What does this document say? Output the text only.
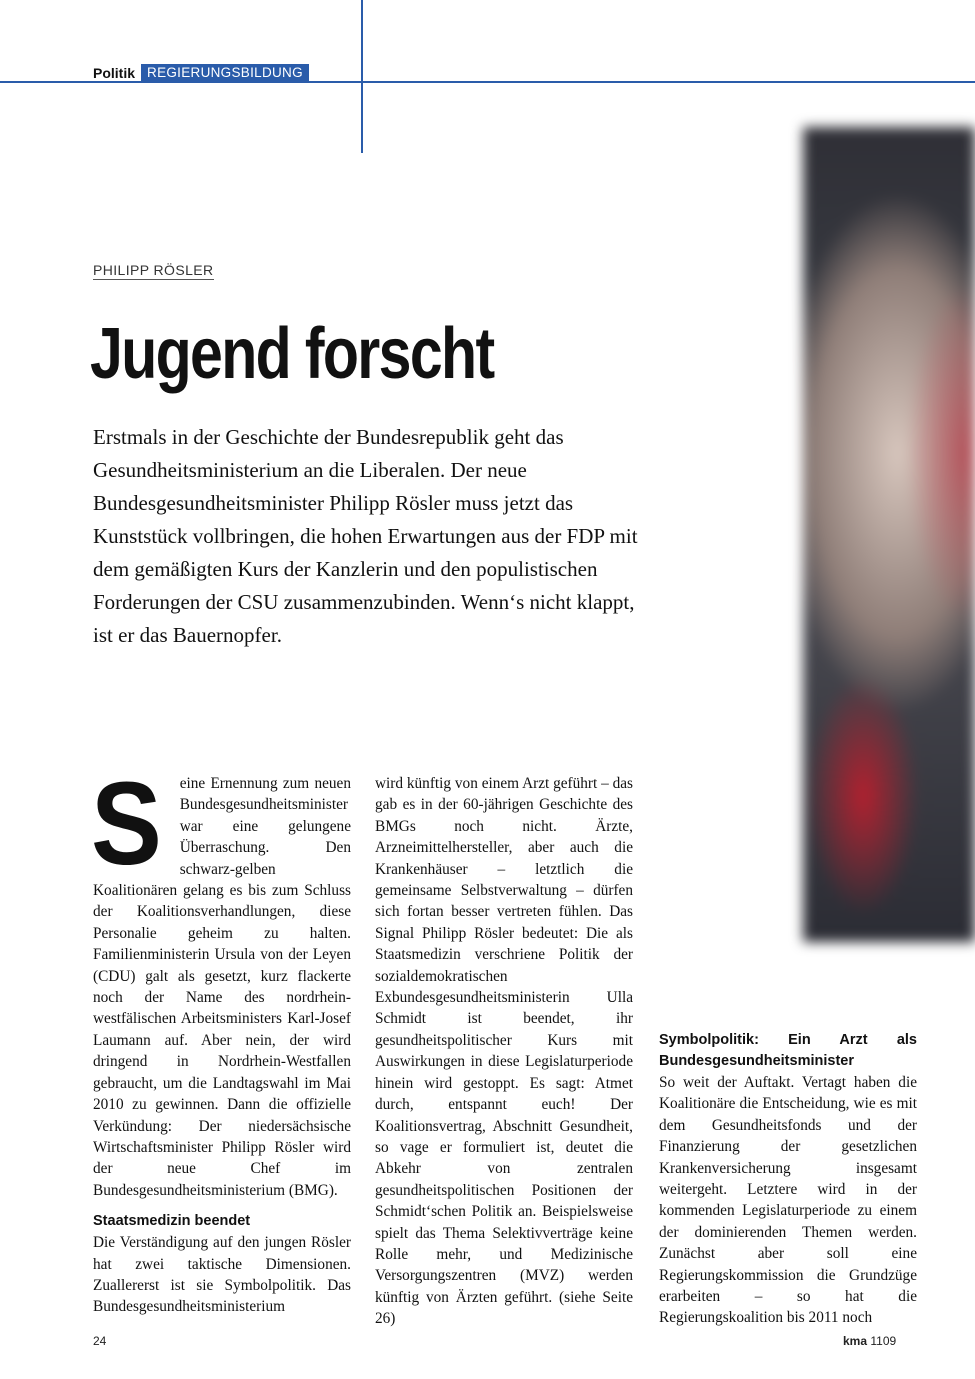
Politik REGIERUNGSBILDUNG
PHILIPP RÖSLER
Jugend forscht
Erstmals in der Geschichte der Bundesrepublik geht das Gesundheitsministerium an die Liberalen. Der neue Bundesgesundheitsminister Philipp Rösler muss jetzt das Kunststück vollbringen, die hohen Erwartungen aus der FDP mit dem gemäßigten Kurs der Kanzlerin und den populistischen Forderungen der CSU zusammenzubinden. Wenn‘s nicht klappt, ist er das Bauernopfer.

S eine Ernennung zum neuen Bundesgesundheitsminister war eine gelungene Überraschung. Den schwarz-gelben Koalitionären gelang es bis zum Schluss der Koalitionsverhandlungen, diese Personalie geheim zu halten. Familienministerin Ursula von der Leyen (CDU) galt als gesetzt, kurz flackerte noch der Name des nordrhein-westfälischen Arbeitsministers Karl-Josef Laumann auf. Aber nein, der wird dringend in Nordrhein-Westfallen gebraucht, um die Landtagswahl im Mai 2010 zu gewinnen. Dann die offizielle Verkündung: Der niedersächsische Wirtschaftsminister Philipp Rösler wird der neue Chef im Bundesgesundheitsministerium (BMG).

Staatsmedizin beendet

Die Verständigung auf den jungen Rösler hat zwei taktische Dimensionen. Zuallererst ist sie Symbolpolitik. Das Bundesgesundheitsministerium

wird künftig von einem Arzt geführt – das gab es in der 60-jährigen Geschichte des BMGs noch nicht. Ärzte, Arzneimittelhersteller, aber auch die Krankenhäuser – letztlich die gemeinsame Selbstverwaltung – dürfen sich fortan besser vertreten fühlen. Das Signal Philipp Rösler bedeutet: Die als Staatsmedizin verschriene Politik der sozialdemokratischen Exbundesgesundheitsministerin Ulla Schmidt ist beendet, ihr gesundheitspolitischer Kurs mit Auswirkungen in diese Legislaturperiode hinein wird gestoppt. Es sagt: Atmet durch, entspannt euch! Der Koalitionsvertrag, Abschnitt Gesundheit, so vage er formuliert ist, deutet die Abkehr von zentralen gesundheitspolitischen Positionen der Schmidt‘schen Politik an. Beispielsweise spielt das Thema Selektivverträge keine Rolle mehr, und Medizinische Versorgungszentren (MVZ) werden künftig von Ärzten geführt. (siehe Seite 26)

Symbolpolitik: Ein Arzt als Bundesgesundheitsminister

So weit der Auftakt. Vertagt haben die Koalitionäre die Entscheidung, wie es mit dem Gesundheitsfonds und der Finanzierung der gesetzlichen Krankenversicherung insgesamt weitergeht. Letztere wird in der kommenden Legislaturperiode zu einem der dominierenden Themen werden. Zunächst aber soll eine Regierungskommission die Grundzüge erarbeiten – so hat die Regierungskoalition bis 2011 noch

24	kma 1109
